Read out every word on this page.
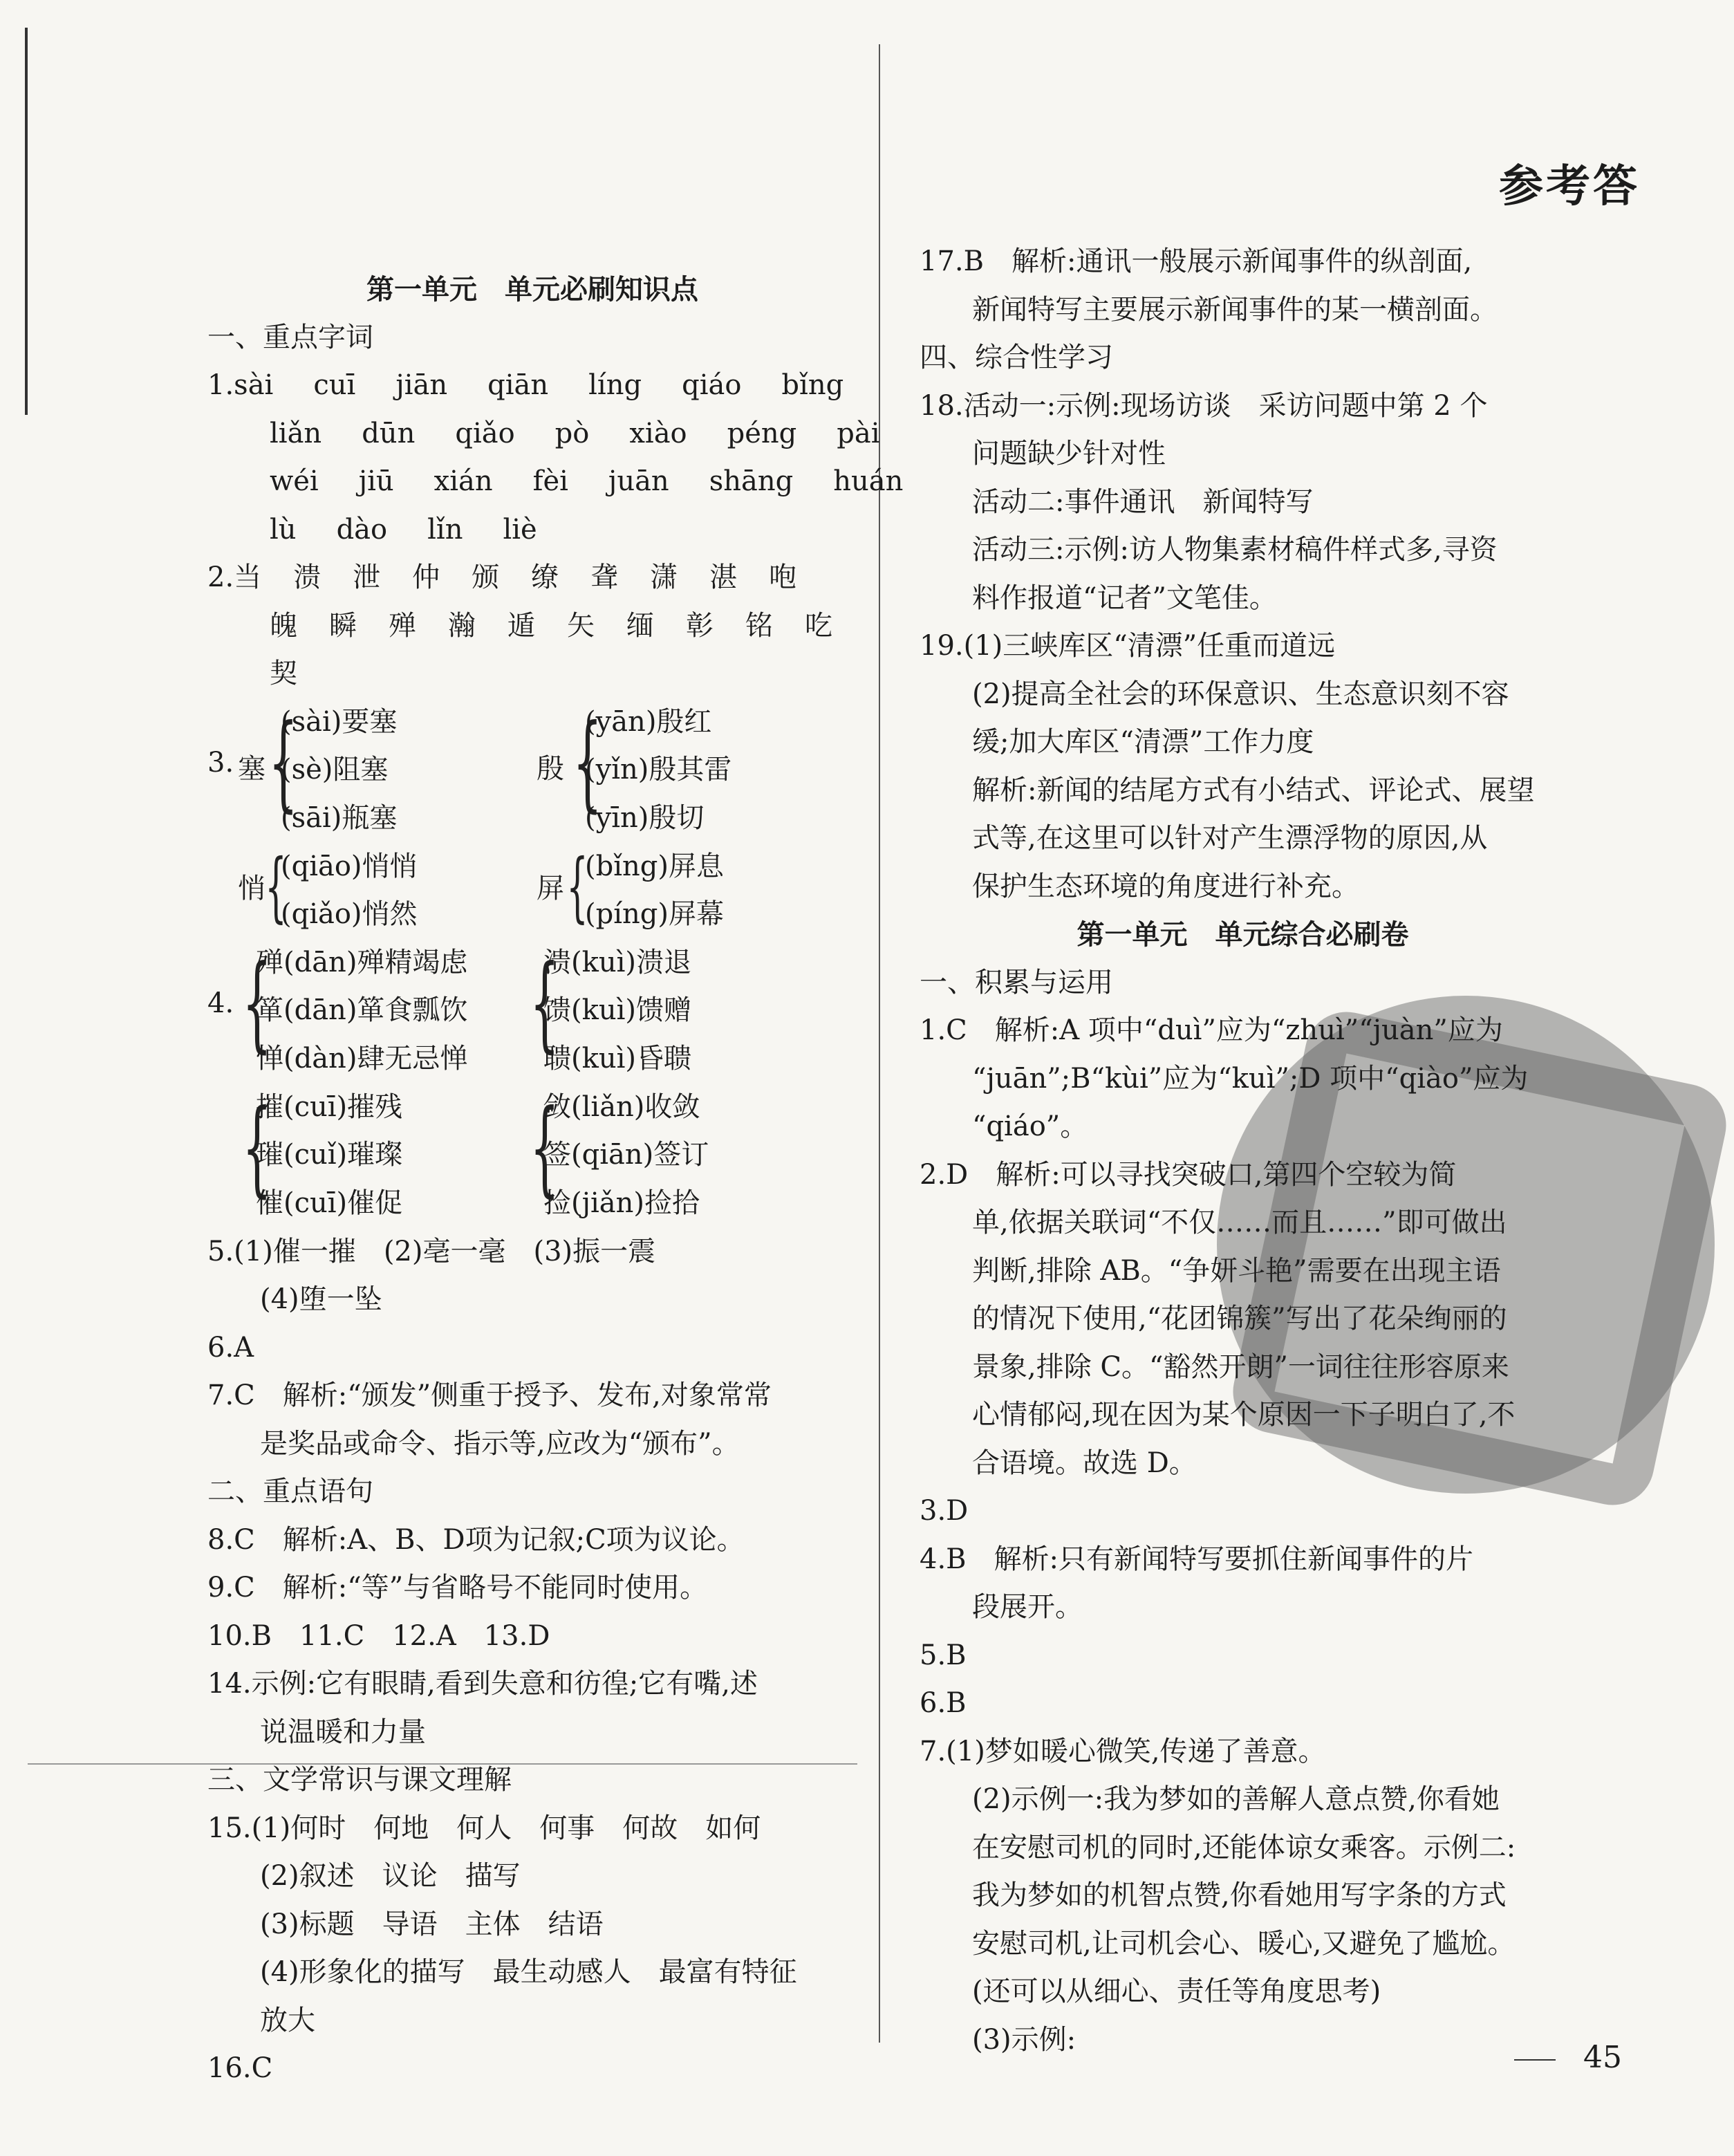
参考答
第一单元　单元必刷知识点
一、重点字词
1.sài cuī jiān qiān líng qiáo bǐng
liǎn dūn qiǎo pò xiào péng pài
wéi jiū xián fèi juān shāng huán
lù dào lǐn liè
2.当 溃 泄 仲 颁 缭 聋 潇 湛 咆
魄 瞬 殚 瀚 遁 矢 缅 彰 铭 吃
契
3. 塞 {
(sài)要塞
(sè)阻塞
(sāi)瓶塞
殷 {
(yān)殷红
(yǐn)殷其雷
(yīn)殷切
悄 {
(qiāo)悄悄
(qiǎo)悄然
屏 {
(bǐng)屏息
(píng)屏幕
4. {
殚(dān)殚精竭虑
箪(dān)箪食瓢饮
惮(dàn)肆无忌惮 {
溃(kuì)溃退
馈(kuì)馈赠
聩(kuì)昏聩
{
摧(cuī)摧残
璀(cuǐ)璀璨
催(cuī)催促 {
敛(liǎn)收敛
签(qiān)签订
捡(jiǎn)捡拾
5.(1)催一摧　(2)亳一毫　(3)振一震
(4)堕一坠
6.A
7.C　解析:“颁发”侧重于授予、发布,对象常常
是奖品或命令、指示等,应改为“颁布”。
二、重点语句
8.C　解析:A、B、D项为记叙;C项为议论。
9.C　解析:“等”与省略号不能同时使用。
10.B　11.C　12.A　13.D
14.示例:它有眼睛,看到失意和彷徨;它有嘴,述
说温暖和力量
三、文学常识与课文理解
15.(1)何时　何地　何人　何事　何故　如何
(2)叙述　议论　描写
(3)标题　导语　主体　结语
(4)形象化的描写　最生动感人　最富有特征
放大
16.C
17.B　解析:通讯一般展示新闻事件的纵剖面,
新闻特写主要展示新闻事件的某一横剖面。
四、综合性学习
18.活动一:示例:现场访谈　采访问题中第 2 个
问题缺少针对性
活动二:事件通讯　新闻特写
活动三:示例:访人物集素材稿件样式多,寻资
料作报道“记者”文笔佳。
19.(1)三峡库区“清漂”任重而道远
(2)提高全社会的环保意识、生态意识刻不容
缓;加大库区“清漂”工作力度
解析:新闻的结尾方式有小结式、评论式、展望
式等,在这里可以针对产生漂浮物的原因,从
保护生态环境的角度进行补充。
第一单元　单元综合必刷卷
一、积累与运用
1.C　解析:A 项中“duì”应为“zhuì”“juàn”应为
“juān”;B“kùi”应为“kuì”;D 项中“qiào”应为
“qiáo”。
2.D　解析:可以寻找突破口,第四个空较为简
单,依据关联词“不仅……而且……”即可做出
判断,排除 AB。“争妍斗艳”需要在出现主语
的情况下使用,“花团锦簇”写出了花朵绚丽的
景象,排除 C。“豁然开朗”一词往往形容原来
心情郁闷,现在因为某个原因一下子明白了,不
合语境。故选 D。
3.D
4.B　解析:只有新闻特写要抓住新闻事件的片
段展开。
5.B
6.B
7.(1)梦如暖心微笑,传递了善意。
(2)示例一:我为梦如的善解人意点赞,你看她
在安慰司机的同时,还能体谅女乘客。示例二:
我为梦如的机智点赞,你看她用写字条的方式
安慰司机,让司机会心、暖心,又避免了尴尬。
(还可以从细心、责任等角度思考)
(3)示例:
45
